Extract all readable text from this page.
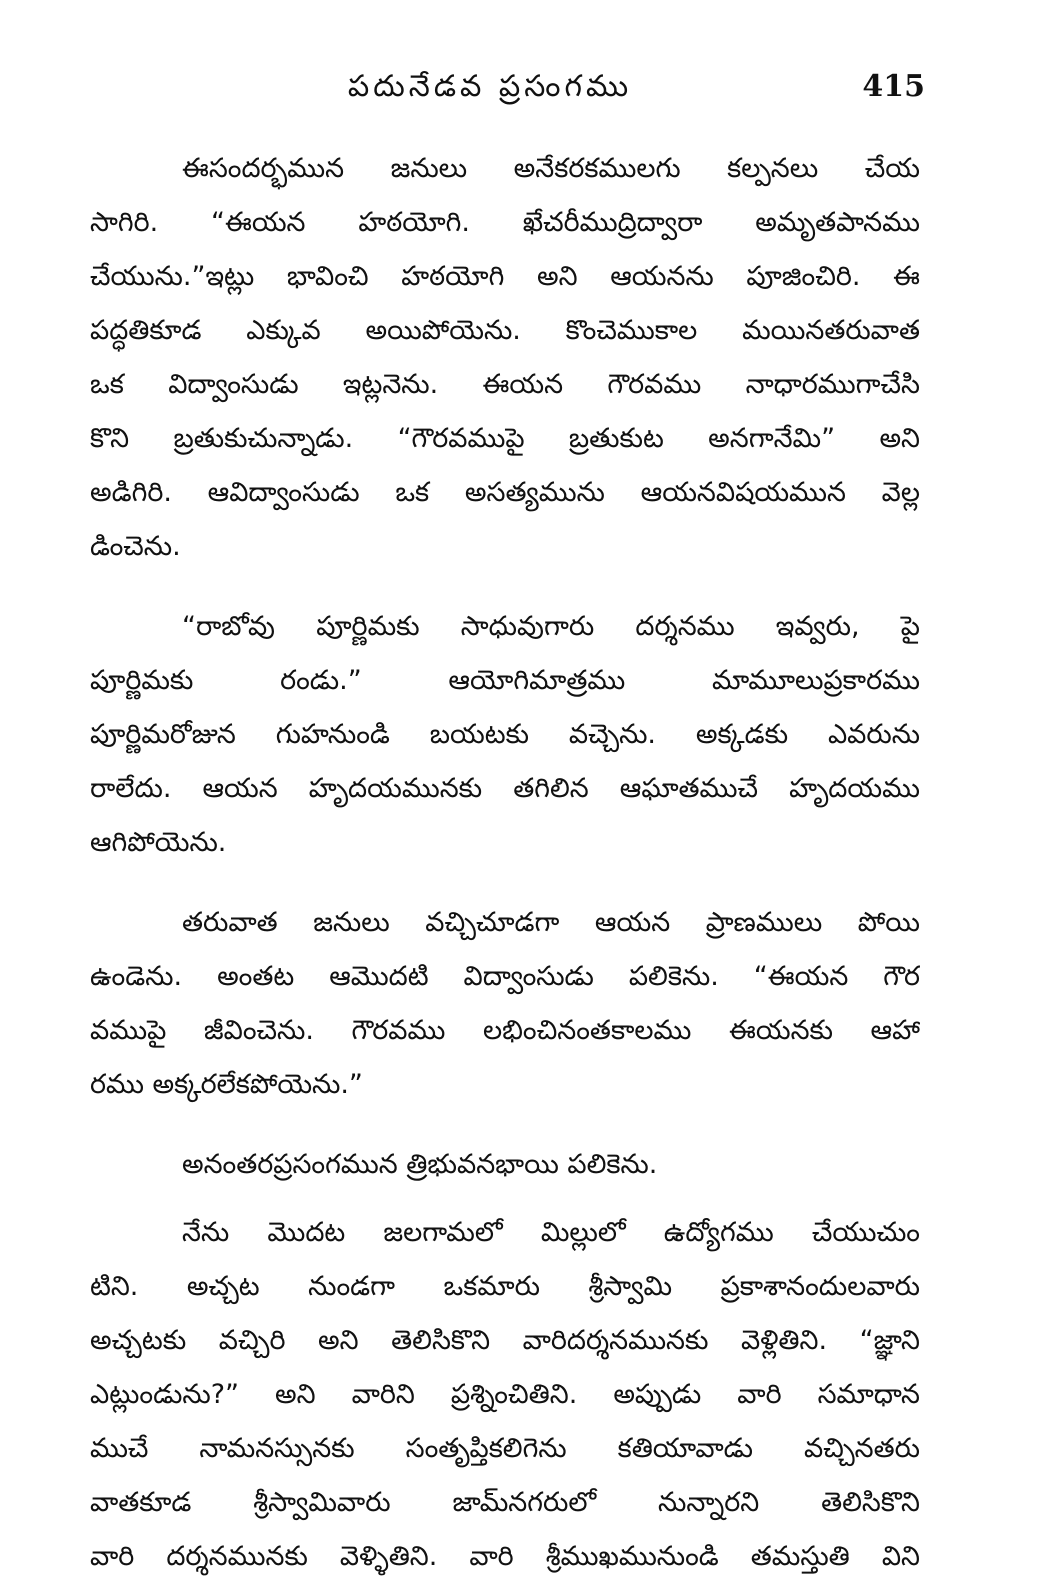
పదునేడవ ప్రసంగము	415
ఈసందర్భమున జనులు అనేకరకములగు కల్పనలు చేయ
సాగిరి. “ఈయన హఠయోగి. ఖేచరీముద్రిద్వారా అమృతపానము
చేయును.”ఇట్లు భావించి హఠయోగి అని ఆయనను పూజించిరి. ఈ
పద్ధతికూడ ఎక్కువ అయిపోయెను. కొంచెముకాల మయినతరువాత
ఒక విద్వాంసుడు ఇట్లనెను. ఈయన గౌరవము నాధారముగాచేసి
కొని బ్రతుకుచున్నాడు. “గౌరవముపై బ్రతుకుట అనగానేమి” అని
అడిగిరి. ఆవిద్వాంసుడు ఒక అసత్యమును ఆయనవిషయమున వెల్ల
డించెను.
“రాబోవు పూర్ణిమకు సాధువుగారు దర్శనము ఇవ్వరు, పై
పూర్ణిమకు రండు.” ఆయోగిమాత్రము మామూలుప్రకారము
పూర్ణిమరోజున గుహనుండి బయటకు వచ్చెను. అక్కడకు ఎవరును
రాలేదు. ఆయన హృదయమునకు తగిలిన ఆఘాతముచే హృదయము
ఆగిపోయెను.
తరువాత జనులు వచ్చిచూడగా ఆయన ప్రాణములు పోయి
ఉండెను. అంతట ఆమొదటి విద్వాంసుడు పలికెను. “ఈయన గౌర
వముపై జీవించెను. గౌరవము లభించినంతకాలము ఈయనకు ఆహా
రము అక్కరలేకపోయెను.”
అనంతరప్రసంగమున త్రిభువనభాయి పలికెను.
నేను మొదట జలగామలో మిల్లులో ఉద్యోగము చేయుచుం
టిని. అచ్చట నుండగా ఒకమారు శ్రీస్వామి ప్రకాశానందులవారు
అచ్చటకు వచ్చిరి అని తెలిసికొని వారిదర్శనమునకు వెళ్లితిని. “జ్ఞాని
ఎట్లుండును?” అని వారిని ప్రశ్నించితిని. అప్పుడు వారి సమాధాన
ముచే నామనస్సునకు సంతృప్తికలిగెను కతియావాడు వచ్చినతరు
వాతకూడ శ్రీస్వామివారు జామ్‌నగరులో నున్నారని తెలిసికొని
వారి దర్శనమునకు వెళ్ళితిని. వారి శ్రీముఖమునుండి తమస్తుతి విని
